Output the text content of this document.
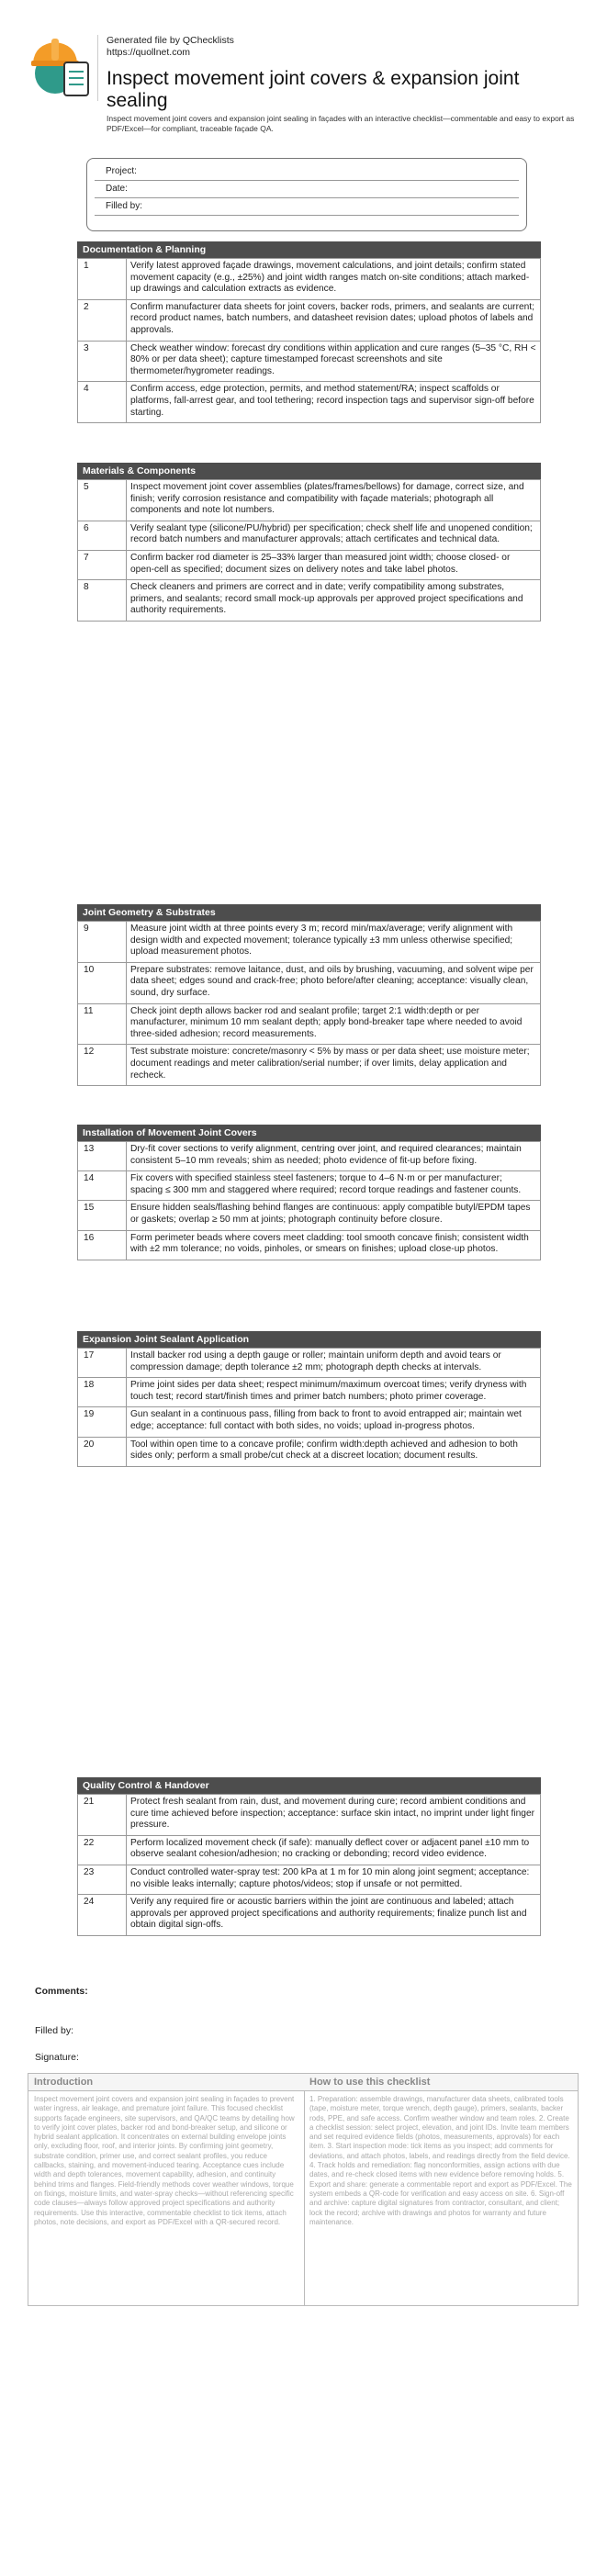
Generated file by QChecklists
https://quollnet.com
Inspect movement joint covers & expansion joint sealing
Inspect movement joint covers and expansion joint sealing in façades with an interactive checklist—commentable and easy to export as PDF/Excel—for compliant, traceable façade QA.
Project:
Date:
Filled by:
Documentation & Planning
1	Verify latest approved façade drawings, movement calculations, and joint details; confirm stated movement capacity (e.g., ±25%) and joint width ranges match on-site conditions; attach marked-up drawings and calculation extracts as evidence.
2	Confirm manufacturer data sheets for joint covers, backer rods, primers, and sealants are current; record product names, batch numbers, and datasheet revision dates; upload photos of labels and approvals.
3	Check weather window: forecast dry conditions within application and cure ranges (5–35 °C, RH < 80% or per data sheet); capture timestamped forecast screenshots and site thermometer/hygrometer readings.
4	Confirm access, edge protection, permits, and method statement/RA; inspect scaffolds or platforms, fall-arrest gear, and tool tethering; record inspection tags and supervisor sign-off before starting.
Materials & Components
5	Inspect movement joint cover assemblies (plates/frames/bellows) for damage, correct size, and finish; verify corrosion resistance and compatibility with façade materials; photograph all components and note lot numbers.
6	Verify sealant type (silicone/PU/hybrid) per specification; check shelf life and unopened condition; record batch numbers and manufacturer approvals; attach certificates and technical data.
7	Confirm backer rod diameter is 25–33% larger than measured joint width; choose closed- or open-cell as specified; document sizes on delivery notes and take label photos.
8	Check cleaners and primers are correct and in date; verify compatibility among substrates, primers, and sealants; record small mock-up approvals per approved project specifications and authority requirements.
Joint Geometry & Substrates
9	Measure joint width at three points every 3 m; record min/max/average; verify alignment with design width and expected movement; tolerance typically ±3 mm unless otherwise specified; upload measurement photos.
10	Prepare substrates: remove laitance, dust, and oils by brushing, vacuuming, and solvent wipe per data sheet; edges sound and crack-free; photo before/after cleaning; acceptance: visually clean, sound, dry surface.
11	Check joint depth allows backer rod and sealant profile; target 2:1 width:depth or per manufacturer, minimum 10 mm sealant depth; apply bond-breaker tape where needed to avoid three-sided adhesion; record measurements.
12	Test substrate moisture: concrete/masonry < 5% by mass or per data sheet; use moisture meter; document readings and meter calibration/serial number; if over limits, delay application and recheck.
Installation of Movement Joint Covers
13	Dry-fit cover sections to verify alignment, centring over joint, and required clearances; maintain consistent 5–10 mm reveals; shim as needed; photo evidence of fit-up before fixing.
14	Fix covers with specified stainless steel fasteners; torque to 4–6 N·m or per manufacturer; spacing ≤ 300 mm and staggered where required; record torque readings and fastener counts.
15	Ensure hidden seals/flashing behind flanges are continuous: apply compatible butyl/EPDM tapes or gaskets; overlap ≥ 50 mm at joints; photograph continuity before closure.
16	Form perimeter beads where covers meet cladding: tool smooth concave finish; consistent width with ±2 mm tolerance; no voids, pinholes, or smears on finishes; upload close-up photos.
Expansion Joint Sealant Application
17	Install backer rod using a depth gauge or roller; maintain uniform depth and avoid tears or compression damage; depth tolerance ±2 mm; photograph depth checks at intervals.
18	Prime joint sides per data sheet; respect minimum/maximum overcoat times; verify dryness with touch test; record start/finish times and primer batch numbers; photo primer coverage.
19	Gun sealant in a continuous pass, filling from back to front to avoid entrapped air; maintain wet edge; acceptance: full contact with both sides, no voids; upload in-progress photos.
20	Tool within open time to a concave profile; confirm width:depth achieved and adhesion to both sides only; perform a small probe/cut check at a discreet location; document results.
Quality Control & Handover
21	Protect fresh sealant from rain, dust, and movement during cure; record ambient conditions and cure time achieved before inspection; acceptance: surface skin intact, no imprint under light finger pressure.
22	Perform localized movement check (if safe): manually deflect cover or adjacent panel ±10 mm to observe sealant cohesion/adhesion; no cracking or debonding; record video evidence.
23	Conduct controlled water-spray test: 200 kPa at 1 m for 10 min along joint segment; acceptance: no visible leaks internally; capture photos/videos; stop if unsafe or not permitted.
24	Verify any required fire or acoustic barriers within the joint are continuous and labeled; attach approvals per approved project specifications and authority requirements; finalize punch list and obtain digital sign-offs.
Comments:
Filled by:
Signature:
Introduction

Inspect movement joint covers and expansion joint sealing in façades to prevent water ingress, air leakage, and premature joint failure. This focused checklist supports façade engineers, site supervisors, and QA/QC teams by detailing how to verify joint cover plates, backer rod and bond-breaker setup, and silicone or hybrid sealant application. It concentrates on external building envelope joints only, excluding floor, roof, and interior joints. By confirming joint geometry, substrate condition, primer use, and correct sealant profiles, you reduce callbacks, staining, and movement-induced tearing. Acceptance cues include width and depth tolerances, movement capability, adhesion, and continuity behind trims and flanges. Field-friendly methods cover weather windows, torque on fixings, moisture limits, and water-spray checks—without referencing specific code clauses—always follow approved project specifications and authority requirements. Use this interactive, commentable checklist to tick items, attach photos, note decisions, and export as PDF/Excel with a QR-secured record.

How to use this checklist

1. Preparation: assemble drawings, manufacturer data sheets, calibrated tools (tape, moisture meter, torque wrench, depth gauge), primers, sealants, backer rods, PPE, and safe access. Confirm weather window and team roles. 2. Create a checklist session: select project, elevation, and joint IDs. Invite team members and set required evidence fields (photos, measurements, approvals) for each item. 3. Start inspection mode: tick items as you inspect; add comments for deviations, and attach photos, labels, and readings directly from the field device. 4. Track holds and remediation: flag nonconformities, assign actions with due dates, and re-check closed items with new evidence before removing holds. 5. Export and share: generate a commentable report and export as PDF/Excel. The system embeds a QR-code for verification and easy access on site. 6. Sign-off and archive: capture digital signatures from contractor, consultant, and client; lock the record; archive with drawings and photos for warranty and future maintenance.
